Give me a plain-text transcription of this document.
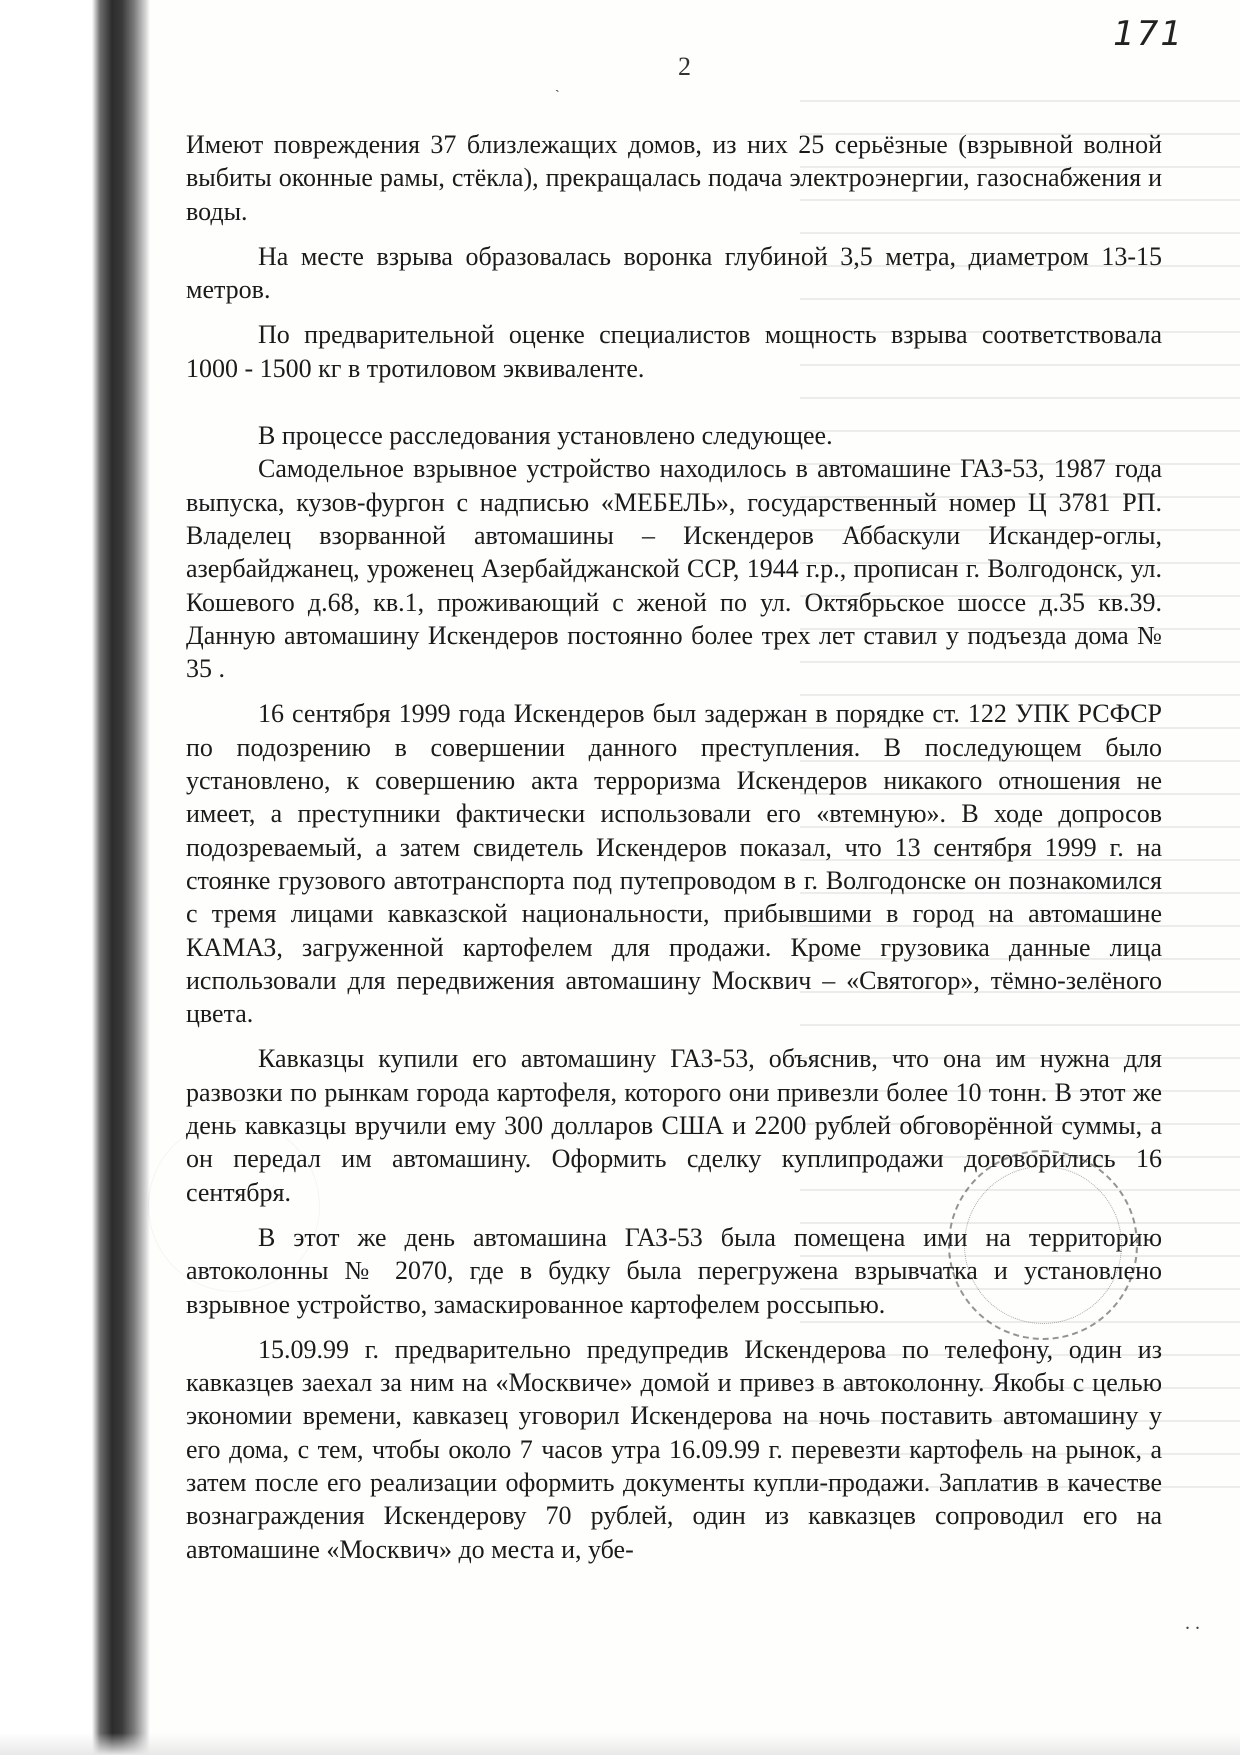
171
ˎ
2

Имеют повреждения 37 близлежащих домов, из них 25 серьёзные (взрывной волной выбиты оконные рамы, стёкла), прекращалась подача электроэнергии, газоснабжения и воды.

На месте взрыва образовалась воронка глубиной 3,5 метра, диаметром 13-15 метров.

По предварительной оценке специалистов мощность взрыва соответствовала 1000 - 1500 кг в тротиловом эквиваленте.

В процессе расследования установлено следующее.

Самодельное взрывное устройство находилось в автомашине ГАЗ-53, 1987 года выпуска, кузов-фургон с надписью «МЕБЕЛЬ», государственный номер Ц 3781 РП. Владелец взорванной автомашины – Искендеров Аббаскули Искандер-оглы, азербайджанец, уроженец Азербайджанской ССР, 1944 г.р., прописан г. Волгодонск, ул. Кошевого д.68, кв.1, проживающий с женой по ул. Октябрьское шоссе д.35 кв.39. Данную автомашину Искендеров постоянно более трех лет ставил у подъезда дома № 35 .

16 сентября 1999 года Искендеров был задержан в порядке ст. 122 УПК РСФСР по подозрению в совершении данного преступления. В последующем было установлено, к совершению акта терроризма Искендеров никакого отношения не имеет, а преступники фактически использовали его «втемную». В ходе допросов подозреваемый, а затем свидетель Искендеров показал, что 13 сентября 1999 г. на стоянке грузового автотранспорта под путепроводом в г. Волгодонске он познакомился с тремя лицами кавказской национальности, прибывшими в город на автомашине КАМАЗ, загруженной картофелем для продажи. Кроме грузовика данные лица использовали для передвижения автомашину Москвич – «Святогор», тёмно-зелёного цвета.

Кавказцы купили его автомашину ГАЗ-53, объяснив, что она им нужна для развозки по рынкам города картофеля, которого они привезли более 10 тонн. В этот же день кавказцы вручили ему 300 долларов США и 2200 рублей обговорённой суммы, а он передал им автомашину. Оформить сделку куплипродажи договорились 16 сентября.

В этот же день автомашина ГАЗ-53 была помещена ими на территорию автоколонны № 2070, где в будку была перегружена взрывчатка и установлено взрывное устройство, замаскированное картофелем россыпью.

15.09.99 г. предварительно предупредив Искендерова по телефону, один из кавказцев заехал за ним на «Москвиче» домой и привез в автоколонну. Якобы с целью экономии времени, кавказец уговорил Искендерова на ночь поставить автомашину у его дома, с тем, чтобы около 7 часов утра 16.09.99 г. перевезти картофель на рынок, а затем после его реализации оформить документы купли-продажи. Заплатив в качестве вознаграждения Искендерову 70 рублей, один из кавказцев сопроводил его на автомашине «Москвич» до места и, убе-

. .
